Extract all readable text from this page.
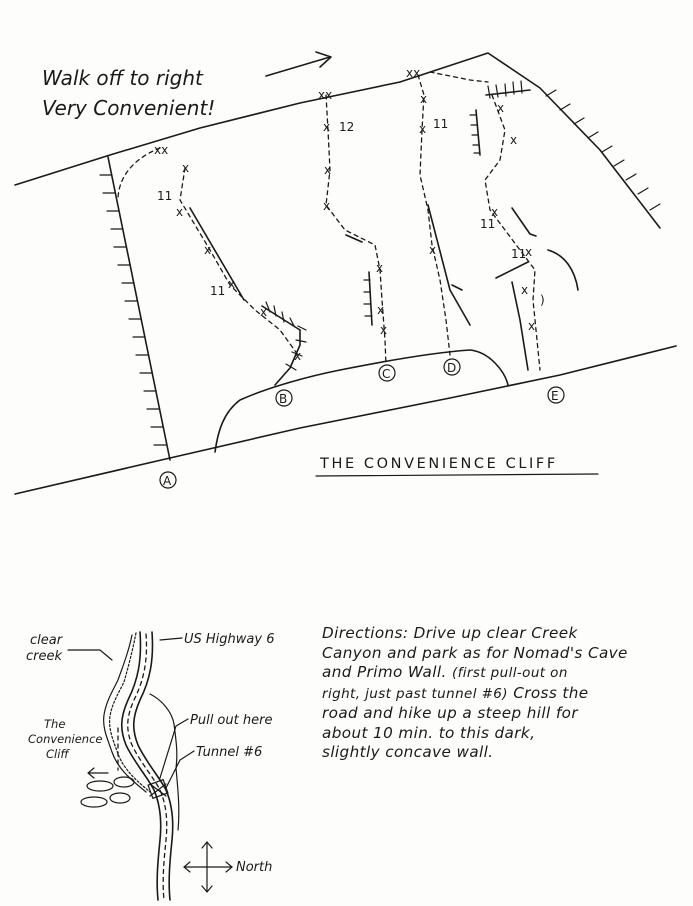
Walk off to right
Very Convenient!
xx
x
x
x
x
x
x
11
11
B
xx
x 12
x
x
x
x
x
C
xx
x
x 11
x
D
x
x
x
11
11
x
x
)
x
E
A
THE CONVENIENCE CLIFF
clear
creek
US Highway 6
The
Convenience
Cliff
Pull out here
Tunnel #6
North
Directions: Drive up clear Creek
Canyon and park as for Nomad's Cave
and Primo Wall. (first pull-out on
right, just past tunnel #6) Cross the
road and hike up a steep hill for
about 10 min. to this dark,
slightly concave wall.
